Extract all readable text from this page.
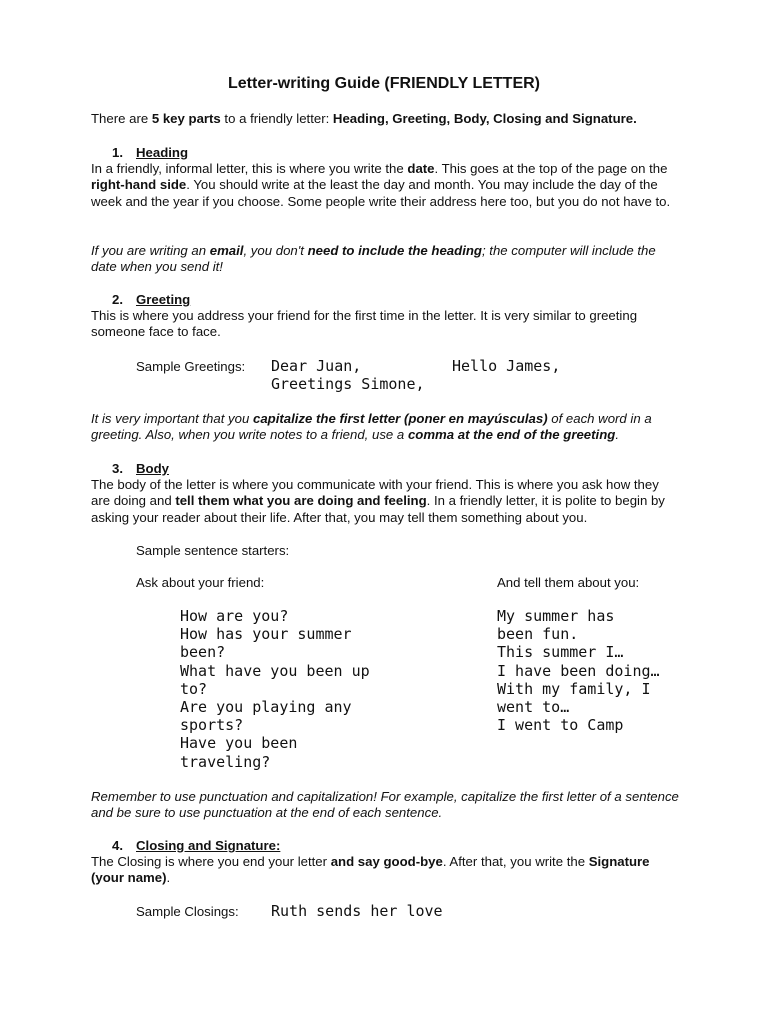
Letter-writing Guide (FRIENDLY LETTER)
There are 5 key parts to a friendly letter: Heading, Greeting, Body, Closing and Signature.
1. Heading
In a friendly, informal letter, this is where you write the date. This goes at the top of the page on the right-hand side. You should write at the least the day and month. You may include the day of the week and the year if you choose. Some people write their address here too, but you do not have to.
If you are writing an email, you don't need to include the heading; the computer will include the date when you send it!
2. Greeting
This is where you address your friend for the first time in the letter. It is very similar to greeting someone face to face.
Sample Greetings: Dear Juan,	Hello James,
Greetings Simone,
It is very important that you capitalize the first letter (poner en mayúsculas) of each word in a greeting. Also, when you write notes to a friend, use a comma at the end of the greeting.
3. Body
The body of the letter is where you communicate with your friend. This is where you ask how they are doing and tell them what you are doing and feeling. In a friendly letter, it is polite to begin by asking your reader about their life. After that, you may tell them something about you.
Sample sentence starters:
Ask about your friend:	And tell them about you:
How are you?
How has your summer
been?
What have you been up
to?
Are you playing any
sports?
Have you been
traveling?
My summer has
been fun.
This summer I…
I have been doing…
With my family, I
went to…
I went to Camp
Remember to use punctuation and capitalization! For example, capitalize the first letter of a sentence and be sure to use punctuation at the end of each sentence.
4. Closing and Signature:
The Closing is where you end your letter and say good-bye. After that, you write the Signature (your name).
Sample Closings: Ruth sends her love
